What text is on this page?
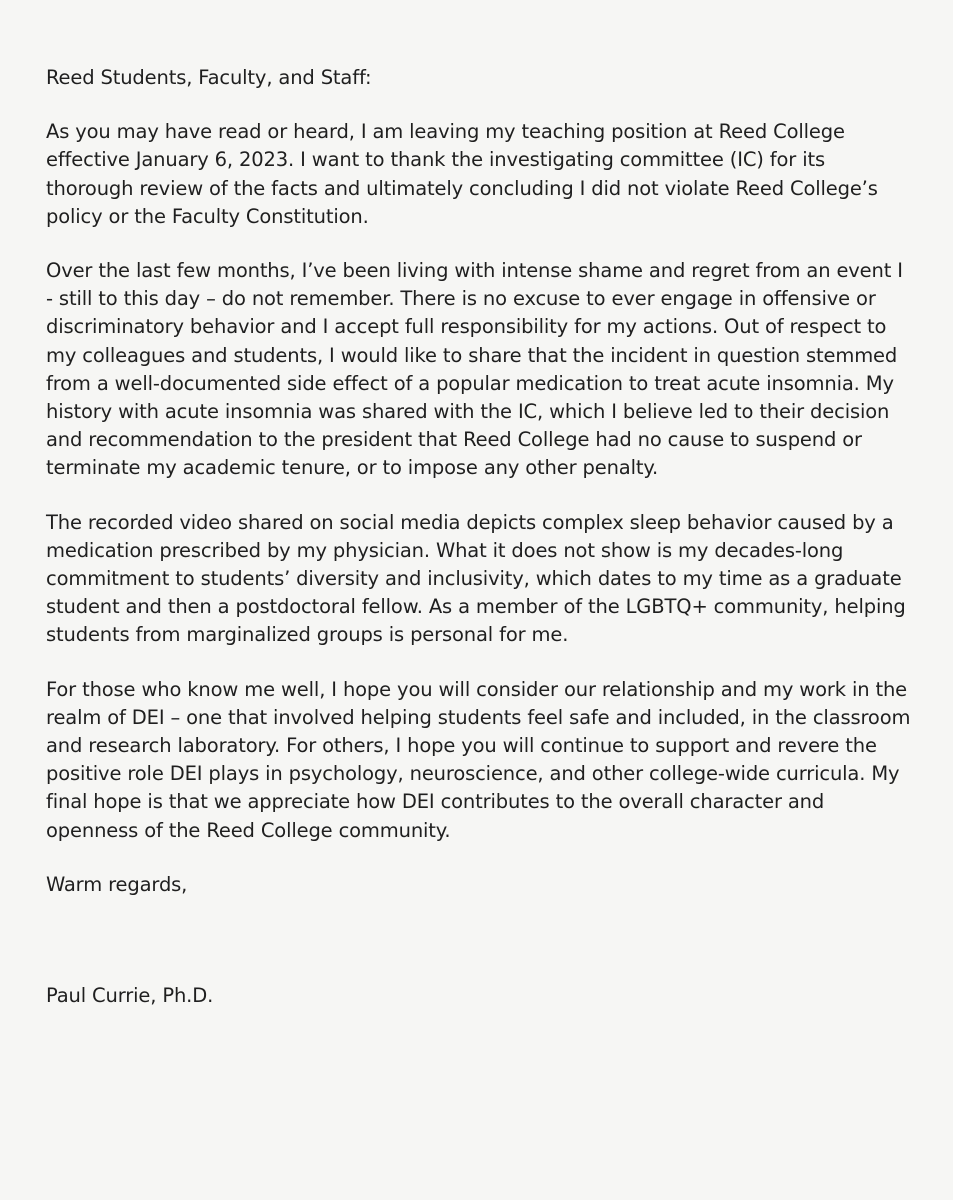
Reed Students, Faculty, and Staff:

As you may have read or heard, I am leaving my teaching position at Reed College effective January 6, 2023. I want to thank the investigating committee (IC) for its thorough review of the facts and ultimately concluding I did not violate Reed College’s policy or the Faculty Constitution.

Over the last few months, I’ve been living with intense shame and regret from an event I - still to this day – do not remember. There is no excuse to ever engage in offensive or discriminatory behavior and I accept full responsibility for my actions. Out of respect to my colleagues and students, I would like to share that the incident in question stemmed from a well-documented side effect of a popular medication to treat acute insomnia. My history with acute insomnia was shared with the IC, which I believe led to their decision and recommendation to the president that Reed College had no cause to suspend or terminate my academic tenure, or to impose any other penalty.

The recorded video shared on social media depicts complex sleep behavior caused by a medication prescribed by my physician. What it does not show is my decades-long commitment to students’ diversity and inclusivity, which dates to my time as a graduate student and then a postdoctoral fellow. As a member of the LGBTQ+ community, helping students from marginalized groups is personal for me.

For those who know me well, I hope you will consider our relationship and my work in the realm of DEI – one that involved helping students feel safe and included, in the classroom and research laboratory. For others, I hope you will continue to support and revere the positive role DEI plays in psychology, neuroscience, and other college-wide curricula. My final hope is that we appreciate how DEI contributes to the overall character and openness of the Reed College community.

Warm regards,

Paul Currie, Ph.D.
